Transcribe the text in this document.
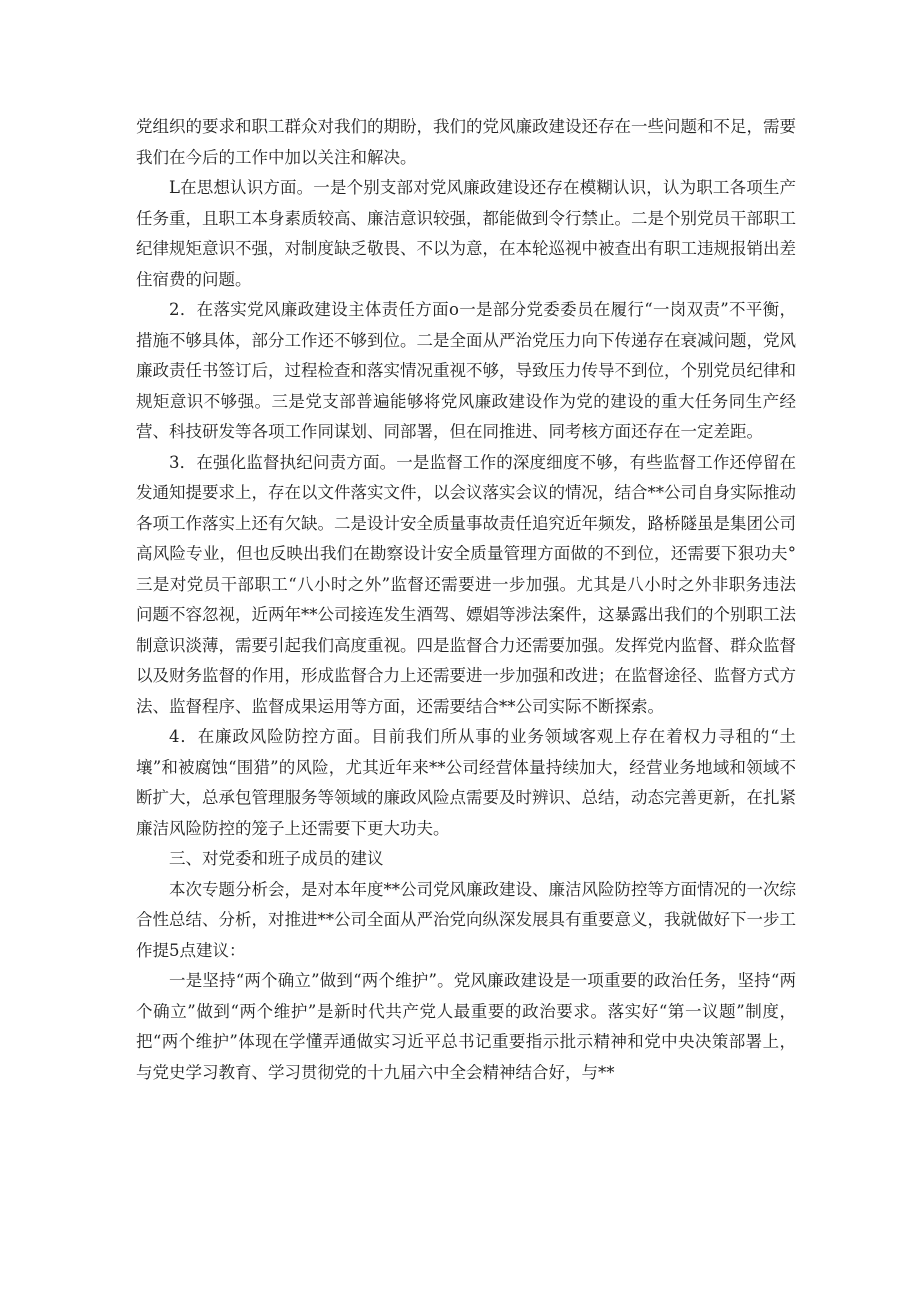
党组织的要求和职工群众对我们的期盼，我们的党风廉政建设还存在一些问题和不足，需要我们在今后的工作中加以关注和解决。

L在思想认识方面。一是个别支部对党风廉政建设还存在模糊认识，认为职工各项生产任务重，且职工本身素质较高、廉洁意识较强，都能做到令行禁止。二是个别党员干部职工纪律规矩意识不强，对制度缺乏敬畏、不以为意，在本轮巡视中被查出有职工违规报销出差住宿费的问题。

2．在落实党风廉政建设主体责任方面o一是部分党委委员在履行“一岗双责”不平衡，措施不够具体，部分工作还不够到位。二是全面从严治党压力向下传递存在衰减问题，党风廉政责任书签订后，过程检查和落实情况重视不够，导致压力传导不到位，个别党员纪律和规矩意识不够强。三是党支部普遍能够将党风廉政建设作为党的建设的重大任务同生产经营、科技研发等各项工作同谋划、同部署，但在同推进、同考核方面还存在一定差距。

3．在强化监督执纪问责方面。一是监督工作的深度细度不够，有些监督工作还停留在发通知提要求上，存在以文件落实文件，以会议落实会议的情况，结合**公司自身实际推动各项工作落实上还有欠缺。二是设计安全质量事故责任追究近年频发，路桥隧虽是集团公司高风险专业，但也反映出我们在勘察设计安全质量管理方面做的不到位，还需要下狠功夫°三是对党员干部职工“八小时之外”监督还需要进一步加强。尤其是八小时之外非职务违法问题不容忽视，近两年**公司接连发生酒驾、嫖娼等涉法案件，这暴露出我们的个别职工法制意识淡薄，需要引起我们高度重视。四是监督合力还需要加强。发挥党内监督、群众监督以及财务监督的作用，形成监督合力上还需要进一步加强和改进；在监督途径、监督方式方法、监督程序、监督成果运用等方面，还需要结合**公司实际不断探索。

4．在廉政风险防控方面。目前我们所从事的业务领域客观上存在着权力寻租的“土壤”和被腐蚀“围猎”的风险，尤其近年来**公司经营体量持续加大，经营业务地域和领域不断扩大，总承包管理服务等领域的廉政风险点需要及时辨识、总结，动态完善更新，在扎紧廉洁风险防控的笼子上还需要下更大功夫。

三、对党委和班子成员的建议

本次专题分析会，是对本年度**公司党风廉政建设、廉洁风险防控等方面情况的一次综合性总结、分析，对推进**公司全面从严治党向纵深发展具有重要意义，我就做好下一步工作提5点建议：

一是坚持“两个确立”做到“两个维护”。党风廉政建设是一项重要的政治任务，坚持“两个确立”做到“两个维护”是新时代共产党人最重要的政治要求。落实好“第一议题”制度，把“两个维护”体现在学懂弄通做实习近平总书记重要指示批示精神和党中央决策部署上，与党史学习教育、学习贯彻党的十九届六中全会精神结合好，与**
